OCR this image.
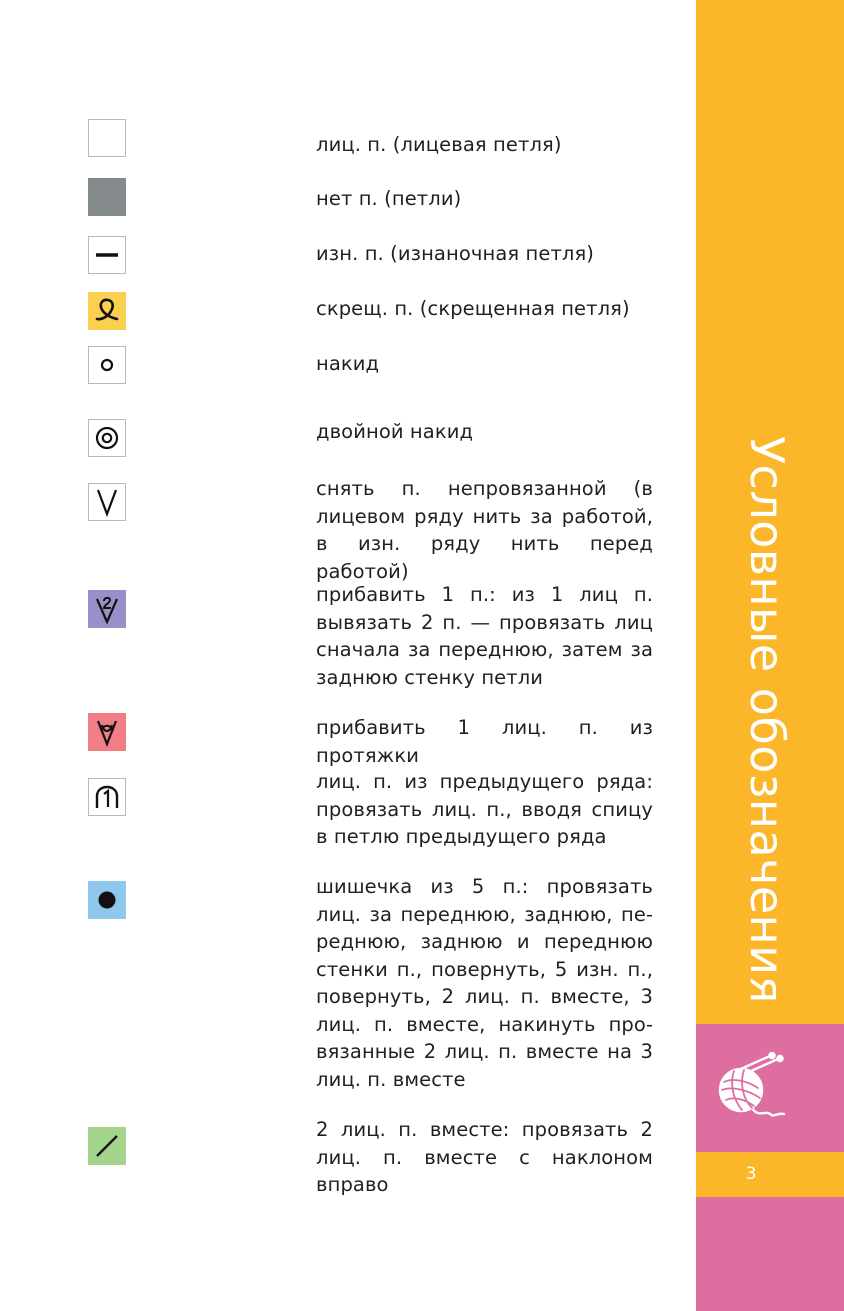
лиц. п. (лицевая петля)

нет п. (петли)

изн. п. (изнаночная петля)

скрещ. п. (скрещенная петля)

накид

двойной накид

снять п. непровязанной (в лицевом ряду нить за работой, в изн. ряду нить перед работой)

прибавить 1 п.: из 1 лиц п. вывязать 2 п. — провязать лиц сначала за переднюю, затем за заднюю стенку петли

прибавить 1 лиц. п. из протяжки

лиц. п. из предыдущего ряда: провязать лиц. п., вводя спицу в петлю предыдущего ряда

шишечка из 5 п.: провязать лиц. за переднюю, заднюю, переднюю, заднюю и переднюю стенки п., повернуть, 5 изн. п., повернуть, 2 лиц. п. вместе, 3 лиц. п. вместе, накинуть провязанные 2 лиц. п. вместе на 3 лиц. п. вместе

2 лиц. п. вместе: провязать 2 лиц. п. вместе с наклоном вправо

Условные обозначения
3
